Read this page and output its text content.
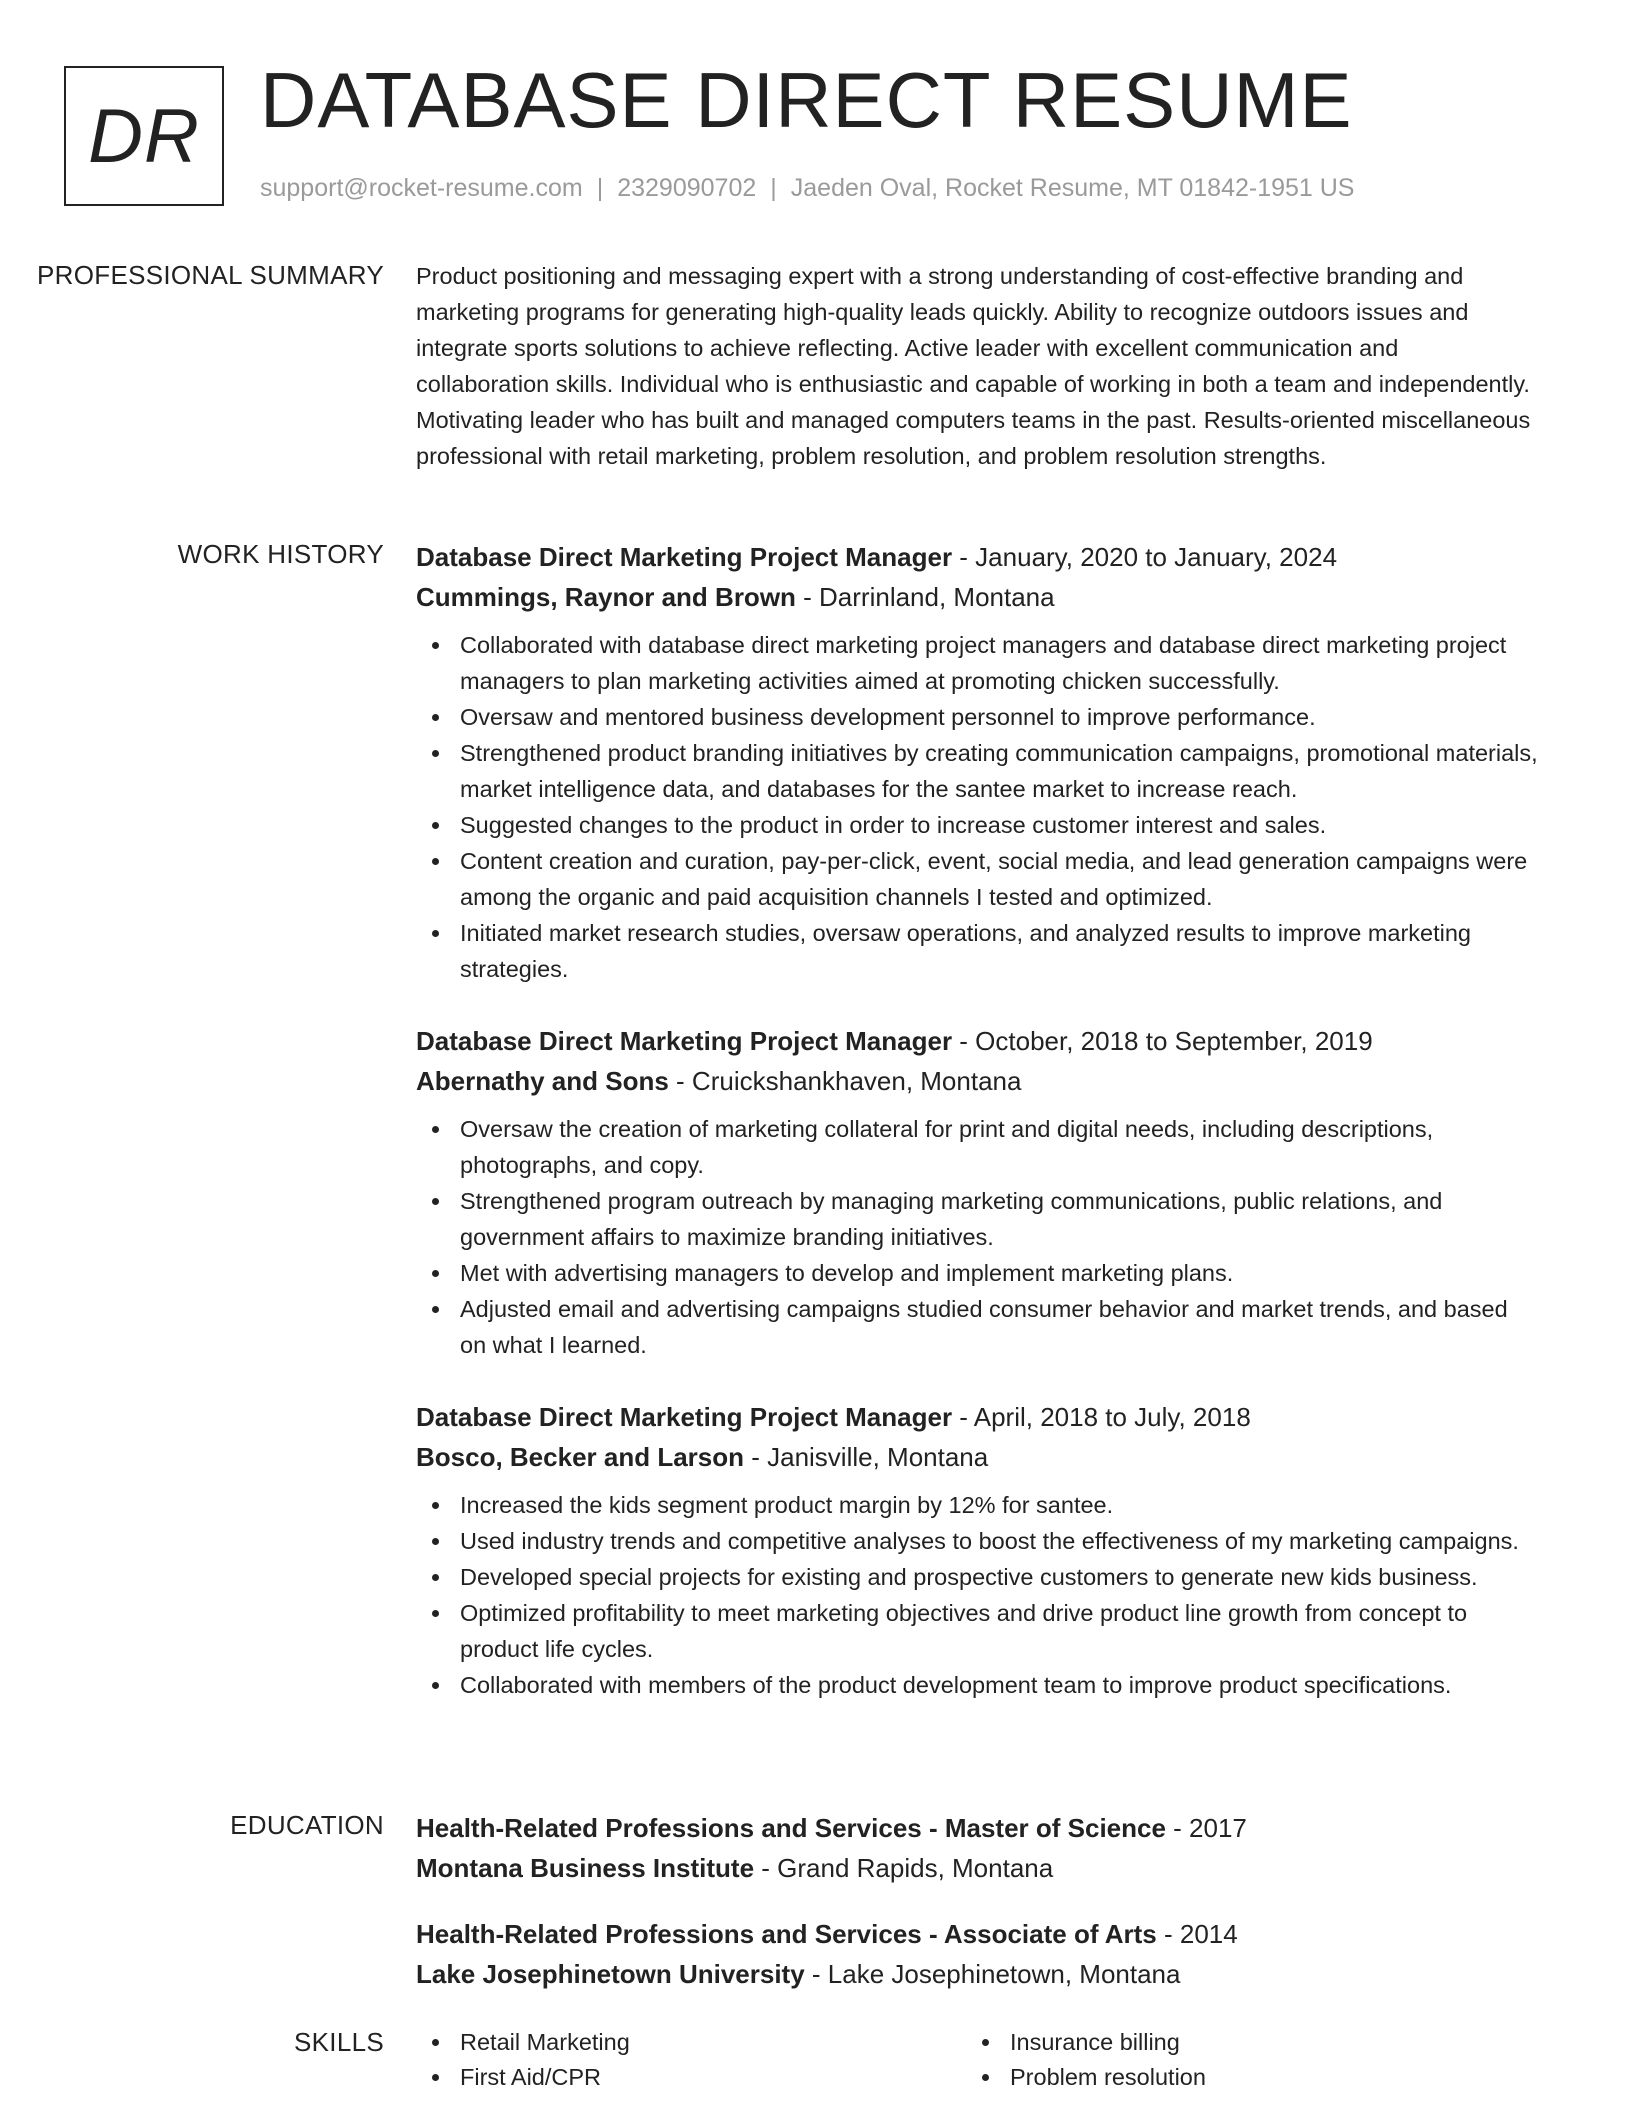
DR DATABASE DIRECT RESUME
support@rocket-resume.com | 2329090702 | Jaeden Oval, Rocket Resume, MT 01842-1951 US
PROFESSIONAL SUMMARY	Product positioning and messaging expert with a strong understanding of cost-effective branding and marketing programs for generating high-quality leads quickly. Ability to recognize outdoors issues and integrate sports solutions to achieve reflecting. Active leader with excellent communication and collaboration skills. Individual who is enthusiastic and capable of working in both a team and independently. Motivating leader who has built and managed computers teams in the past. Results-oriented miscellaneous professional with retail marketing, problem resolution, and problem resolution strengths.

WORK HISTORY	Database Direct Marketing Project Manager - January, 2020 to January, 2024
Cummings, Raynor and Brown - Darrinland, Montana
Collaborated with database direct marketing project managers and database direct marketing project managers to plan marketing activities aimed at promoting chicken successfully.
Oversaw and mentored business development personnel to improve performance.
Strengthened product branding initiatives by creating communication campaigns, promotional materials, market intelligence data, and databases for the santee market to increase reach.
Suggested changes to the product in order to increase customer interest and sales.
Content creation and curation, pay-per-click, event, social media, and lead generation campaigns were among the organic and paid acquisition channels I tested and optimized.
Initiated market research studies, oversaw operations, and analyzed results to improve marketing strategies.
Database Direct Marketing Project Manager - October, 2018 to September, 2019
Abernathy and Sons - Cruickshankhaven, Montana
Oversaw the creation of marketing collateral for print and digital needs, including descriptions, photographs, and copy.
Strengthened program outreach by managing marketing communications, public relations, and government affairs to maximize branding initiatives.
Met with advertising managers to develop and implement marketing plans.
Adjusted email and advertising campaigns studied consumer behavior and market trends, and based on what I learned.
Database Direct Marketing Project Manager - April, 2018 to July, 2018
Bosco, Becker and Larson - Janisville, Montana
Increased the kids segment product margin by 12% for santee.
Used industry trends and competitive analyses to boost the effectiveness of my marketing campaigns.
Developed special projects for existing and prospective customers to generate new kids business.
Optimized profitability to meet marketing objectives and drive product line growth from concept to product life cycles.
Collaborated with members of the product development team to improve product specifications.
EDUCATION	Health-Related Professions and Services - Master of Science - 2017
Montana Business Institute - Grand Rapids, Montana
Health-Related Professions and Services - Associate of Arts - 2014
Lake Josephinetown University - Lake Josephinetown, Montana
SKILLS	Retail Marketing
First Aid/CPR
Insurance billing
Problem resolution
